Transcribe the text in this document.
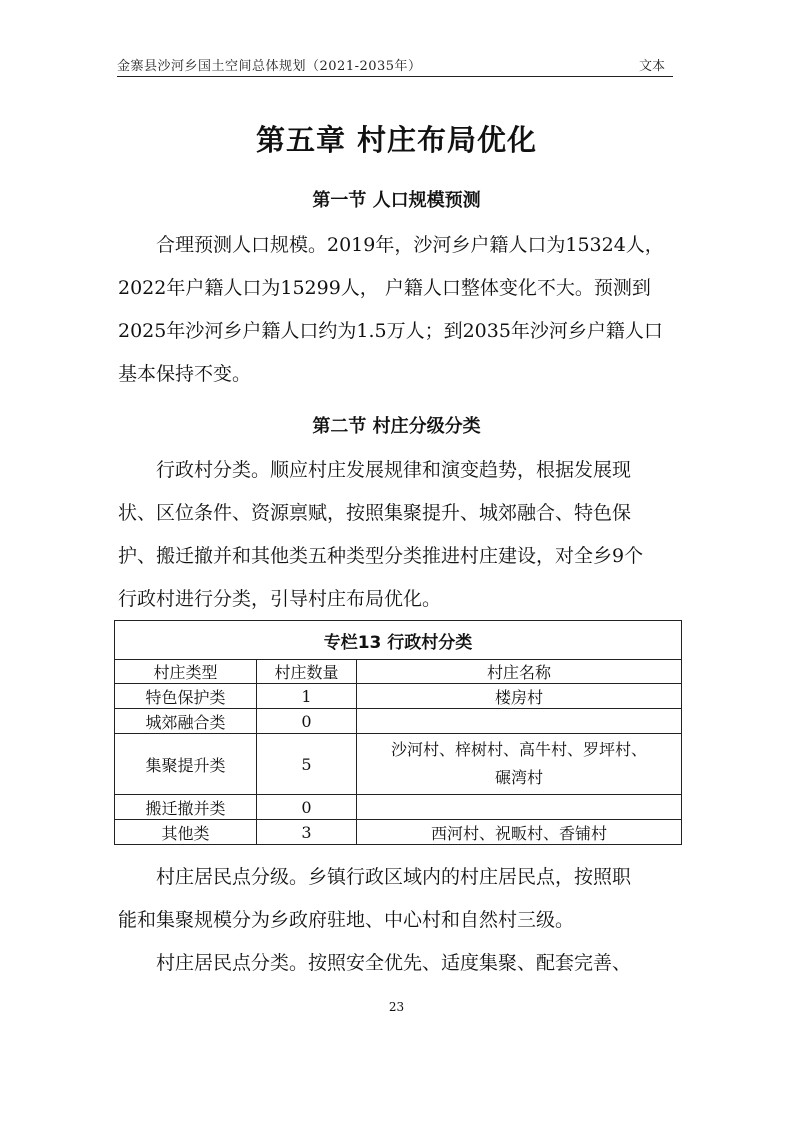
金寨县沙河乡国土空间总体规划（2021-2035年）	文本
第五章 村庄布局优化
第一节 人口规模预测
合理预测人口规模。2019年，沙河乡户籍人口为15324人，
2022年户籍人口为15299人， 户籍人口整体变化不大。预测到
2025年沙河乡户籍人口约为1.5万人；到2035年沙河乡户籍人口
基本保持不变。
第二节 村庄分级分类
行政村分类。顺应村庄发展规律和演变趋势，根据发展现
状、区位条件、资源禀赋，按照集聚提升、城郊融合、特色保
护、搬迁撤并和其他类五种类型分类推进村庄建设，对全乡9个
行政村进行分类，引导村庄布局优化。
专栏13 行政村分类		
村庄类型	村庄数量	村庄名称
特色保护类	1	楼房村
城郊融合类	0	
集聚提升类	5	沙河村、梓树村、高牛村、罗坪村、
碾湾村

搬迁撤并类	0	
其他类	3	西河村、祝畈村、香铺村
村庄居民点分级。乡镇行政区域内的村庄居民点，按照职
能和集聚规模分为乡政府驻地、中心村和自然村三级。
村庄居民点分类。按照安全优先、适度集聚、配套完善、
23
